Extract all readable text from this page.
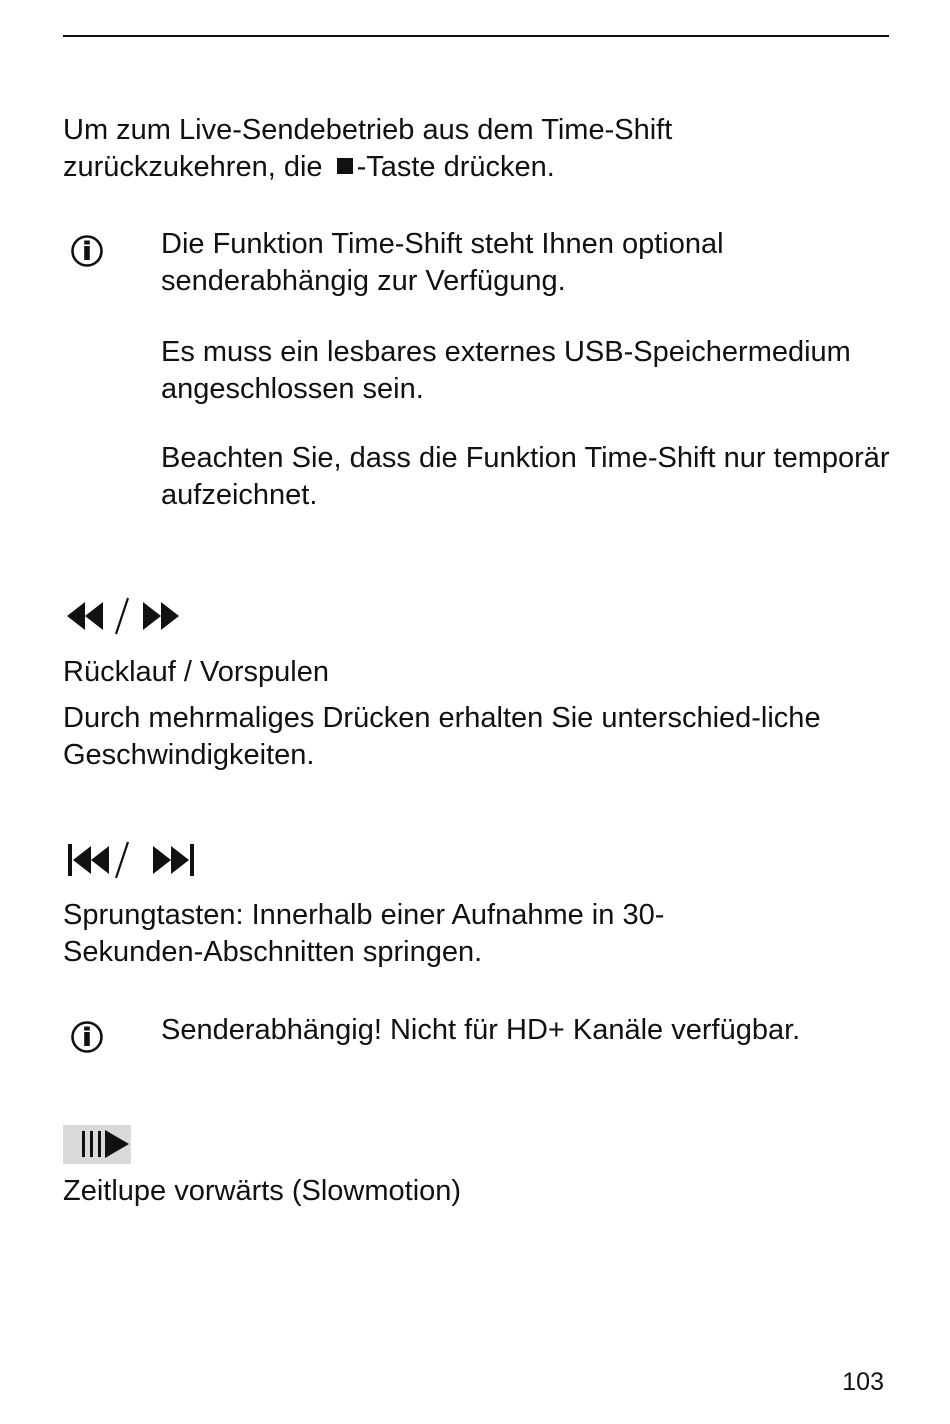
Um zum Live-Sendebetrieb aus dem Time-Shift

zurückzukehren, die -Taste drücken.

Die Funktion Time-Shift steht Ihnen optional senderabhängig zur Verfügung.

Es muss ein lesbares externes USB-Speichermedium angeschlossen sein.

Beachten Sie, dass die Funktion Time-Shift nur temporär aufzeichnet.

Rücklauf / Vorspulen

Durch mehrmaliges Drücken erhalten Sie unterschied-liche Geschwindigkeiten.

Sprungtasten: Innerhalb einer Aufnahme in 30-Sekunden-Abschnitten springen.

Senderabhängig! Nicht für HD+ Kanäle verfügbar.

Zeitlupe vorwärts (Slowmotion)

103
